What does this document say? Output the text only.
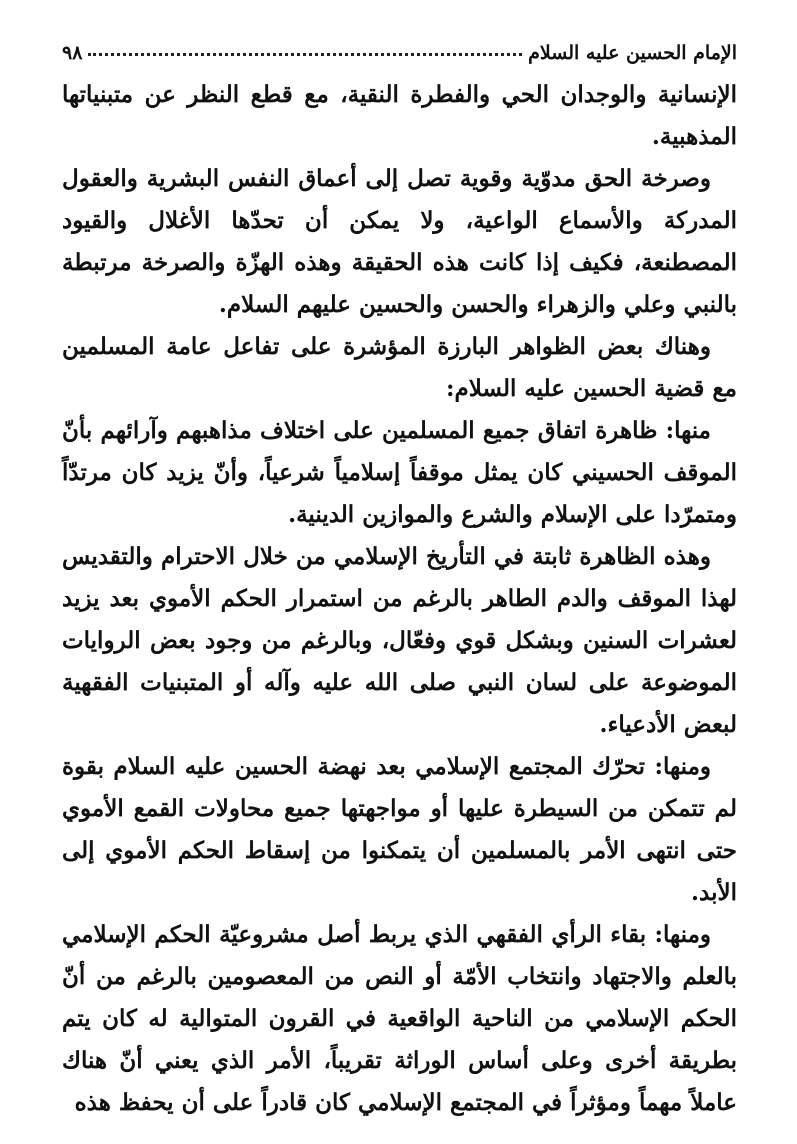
الإمام الحسين عليه السلام
٩٨

الإنسانية والوجدان الحي والفطرة النقية، مع قطع النظر عن متبنياتها المذهبية.

وصرخة الحق مدوّية وقوية تصل إلى أعماق النفس البشرية والعقول المدركة والأسماع الواعية، ولا يمكن أن تحدّها الأغلال والقيود المصطنعة، فكيف إذا كانت هذه الحقيقة وهذه الهزّة والصرخة مرتبطة بالنبي وعلي والزهراء والحسن والحسين عليهم السلام.

وهناك بعض الظواهر البارزة المؤشرة على تفاعل عامة المسلمين مع قضية الحسين عليه السلام:

منها: ظاهرة اتفاق جميع المسلمين على اختلاف مذاهبهم وآرائهم بأنّ الموقف الحسيني كان يمثل موقفاً إسلامياً شرعياً، وأنّ يزيد كان مرتدّاً ومتمرّدا على الإسلام والشرع والموازين الدينية.

وهذه الظاهرة ثابتة في التأريخ الإسلامي من خلال الاحترام والتقديس لهذا الموقف والدم الطاهر بالرغم من استمرار الحكم الأموي بعد يزيد لعشرات السنين وبشكل قوي وفعّال، وبالرغم من وجود بعض الروايات الموضوعة على لسان النبي صلى الله عليه وآله أو المتبنيات الفقهية لبعض الأدعياء.

ومنها: تحرّك المجتمع الإسلامي بعد نهضة الحسين عليه السلام بقوة لم تتمكن من السيطرة عليها أو مواجهتها جميع محاولات القمع الأموي حتى انتهى الأمر بالمسلمين أن يتمكنوا من إسقاط الحكم الأموي إلى الأبد.

ومنها: بقاء الرأي الفقهي الذي يربط أصل مشروعيّة الحكم الإسلامي بالعلم والاجتهاد وانتخاب الأمّة أو النص من المعصومين بالرغم من أنّ الحكم الإسلامي من الناحية الواقعية في القرون المتوالية له كان يتم بطريقة أخرى وعلى أساس الوراثة تقريباً، الأمر الذي يعني أنّ هناك عاملاً مهماً ومؤثراً في المجتمع الإسلامي كان قادراً على أن يحفظ هذه
